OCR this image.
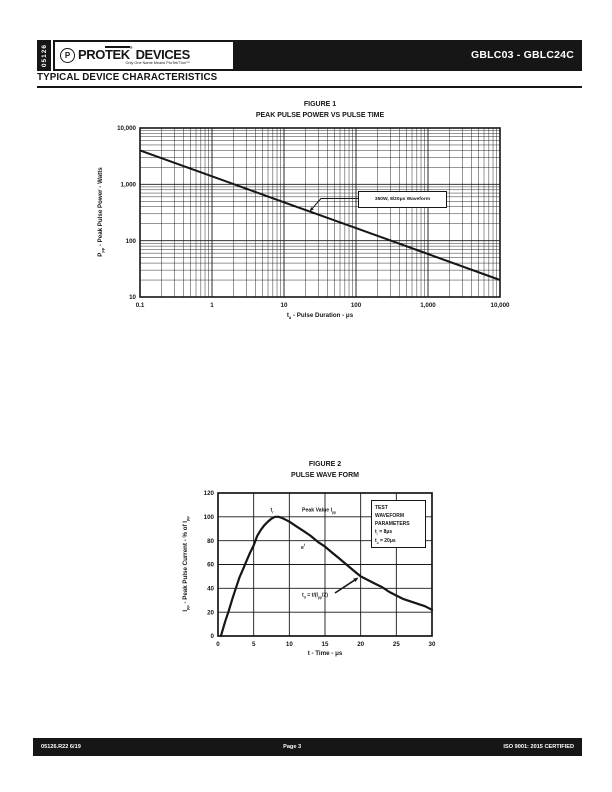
05126 P PROTEK® DEVICES
Only One Name Means ProTek'Tion™
GBLC03 - GBLC24C
TYPICAL DEVICE CHARACTERISTICS
FIGURE 1
PEAK PULSE POWER VS PULSE TIME
0.1	1	10	100	1,000	10,000
10
100
1,000
10,000
$P_{pp}$ - Peak Pulse Power - Watts
$t_d$ - Pulse Duration - μs
350W, 8/20μs Waveform
FIGURE 2
PULSE WAVE FORM
0	5	10	15	20	25	30
0
20
40
60
80
100
120
$I_{pp}$ - Peak Pulse Current - % of $I_{pp}$
t - Time - μs
$t_r$	Peak Value $I_{pp}$
$e^t$
$t_d = t/(I_{pp}/2)$
TEST
WAVEFORM
PARAMETERS
$t_r = 8\mu s$
$t_d = 20\mu s$
05126.R22 6/19	Page 3	ISO 9001: 2015 CERTIFIED
